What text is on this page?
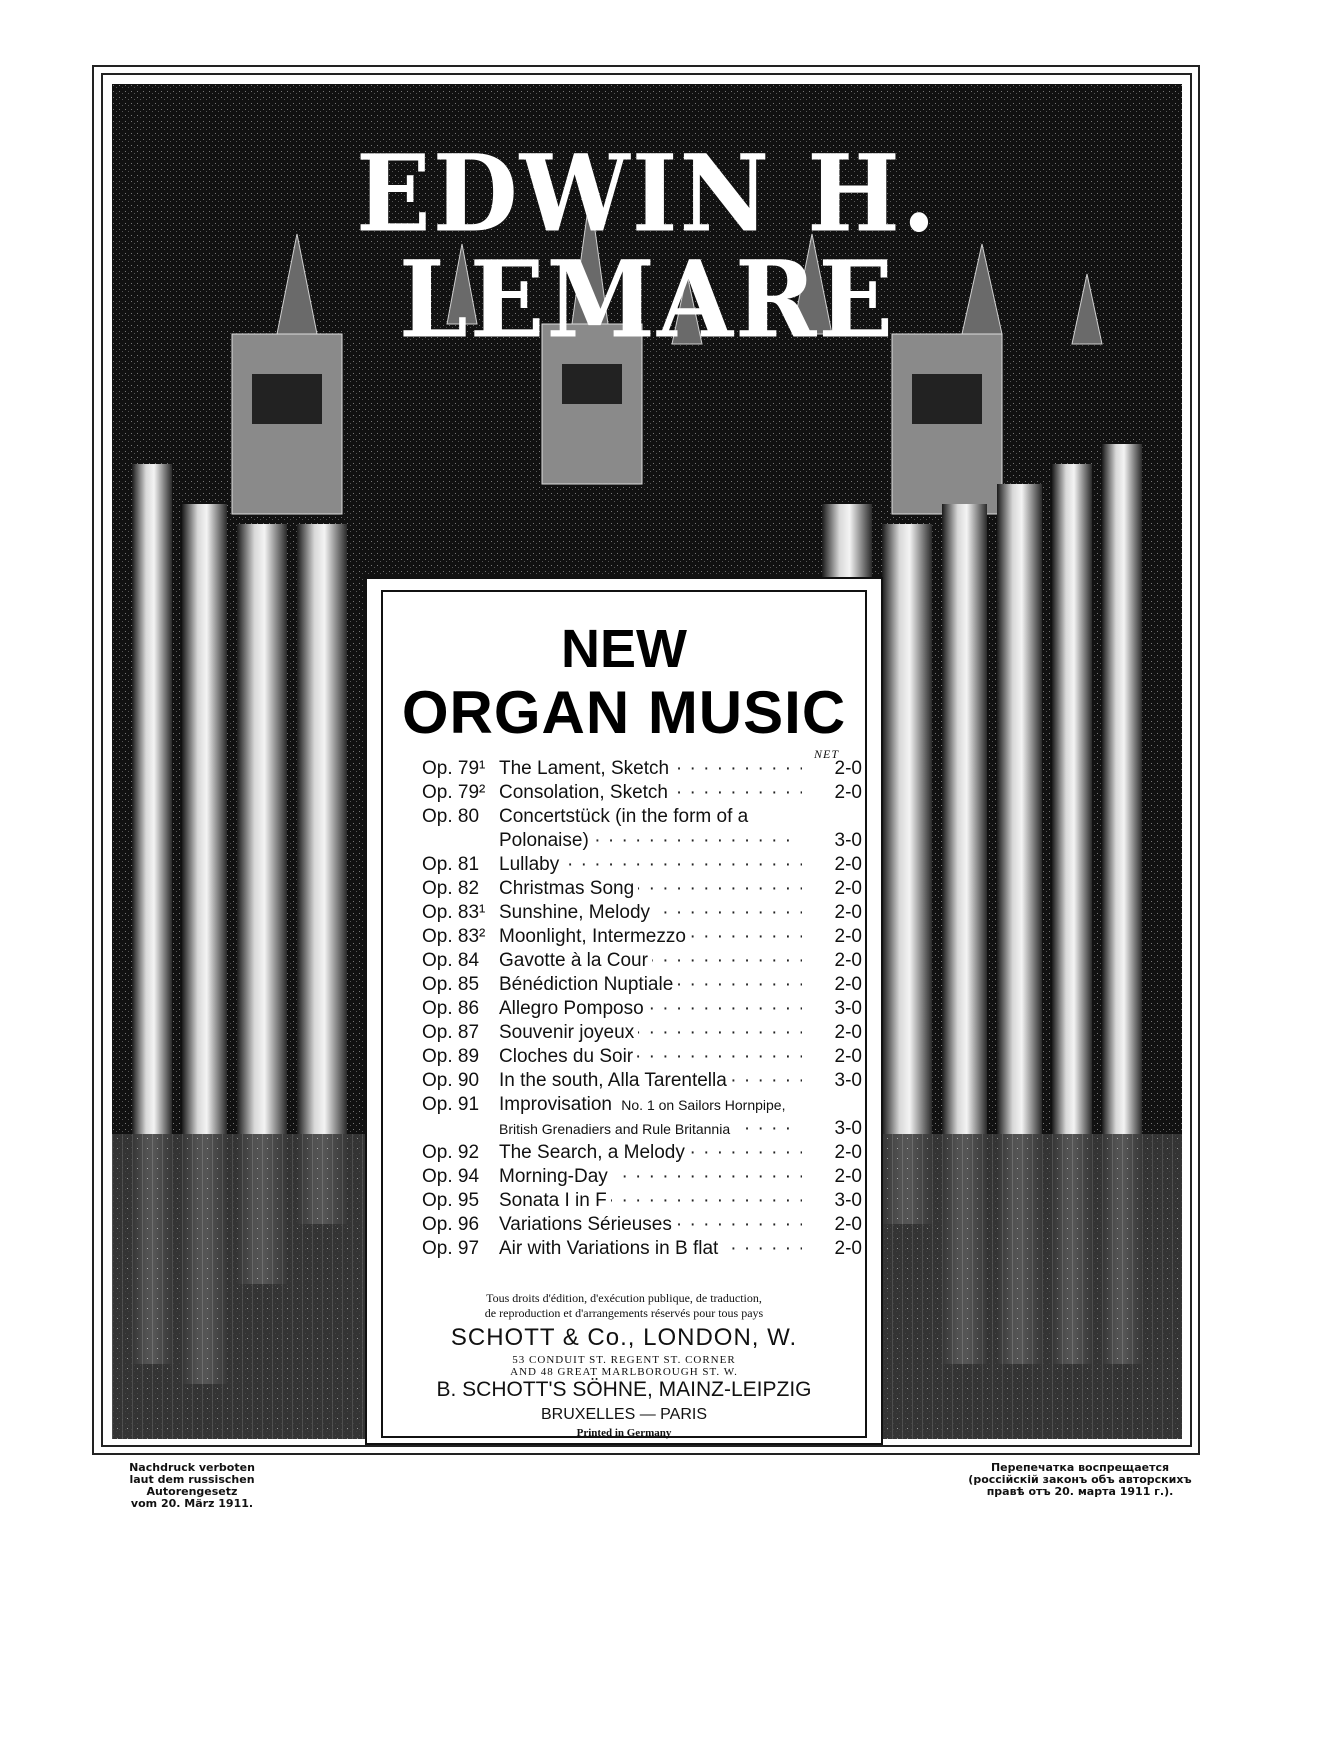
EDWIN H. LEMARE
NEW
ORGAN MUSIC
NET
Op. 79¹ The Lament, Sketch · · ·	2-0
Op. 79² Consolation, Sketch · · ·	2-0
Op. 80	Concertstück (in the form of a Polonaise) · · ·	3-0
Op. 81	Lullaby · · ·	2-0
Op. 82	Christmas Song · · ·	2-0
Op. 83¹ Sunshine, Melody · · ·	2-0
Op. 83² Moonlight, Intermezzo · · ·	2-0
Op. 84	Gavotte à la Cour · · ·	2-0
Op. 85	Bénédiction Nuptiale · · ·	2-0
Op. 86	Allegro Pomposo · · ·	3-0
Op. 87	Souvenir joyeux · · ·	2-0
Op. 89	Cloches du Soir · · ·	2-0
Op. 90	In the south, Alla Tarentella · · ·	3-0
Op. 91	Improvisation No. 1 on Sailors Hornpipe, British Grenadiers and Rule Britannia · · ·	3-0
Op. 92	The Search, a Melody · · ·	2-0
Op. 94	Morning-Day · · ·	2-0
Op. 95	Sonata I in F · · ·	3-0
Op. 96	Variations Sérieuses · · ·	2-0
Op. 97	Air with Variations in B flat · · ·	2-0
Tous droits d'édition, d'exécution publique, de traduction,
de reproduction et d'arrangements réservés pour tous pays
SCHOTT & Co., LONDON, W.
53 CONDUIT ST. REGENT ST. CORNER
AND 48 GREAT MARLBOROUGH ST. W.
B. SCHOTT'S SÖHNE, MAINZ-LEIPZIG
BRUXELLES — PARIS
Printed in Germany
Nachdruck verboten
laut dem russischen Autorengesetz
vom 20. März 1911.
Перепечатка воспрещается
(россійскій законъ объ авторскихъ
правѣ отъ 20. марта 1911 г.).
